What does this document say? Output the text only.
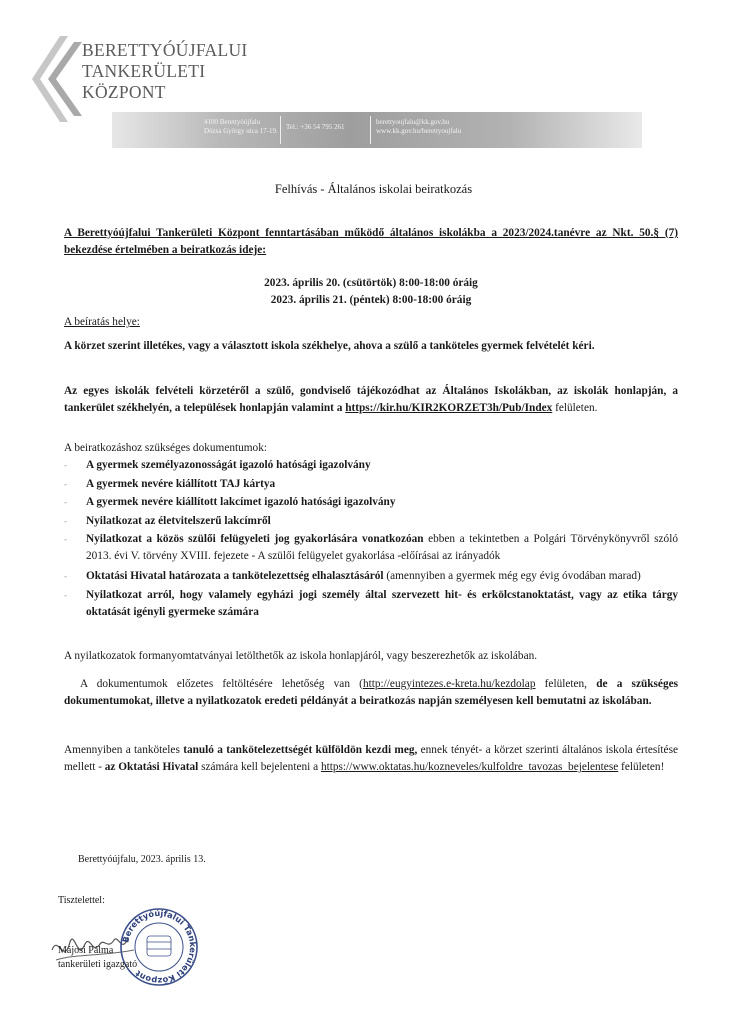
BERETTYÓÚJFALUI
TANKERÜLETI
KÖZPONT
4100 Berettyóújfalu
Dózsa György utca 17-19. Tel.: +36 54 795 261
berettyoujfalu@kk.gov.hu
www.kk.gov.hu/berettyoujfalu
Felhívás - Általános iskolai beiratkozás
A Berettyóújfalui Tankerületi Központ fenntartásában működő általános iskolákba a 2023/2024.tanévre az Nkt. 50.§ (7) bekezdése értelmében a beiratkozás ideje:
2023. április 20. (csütörtök) 8:00-18:00 óráig
2023. április 21. (péntek) 8:00-18:00 óráig
A beíratás helye:
A körzet szerint illetékes, vagy a választott iskola székhelye, ahova a szülő a tanköteles gyermek felvételét kéri.
Az egyes iskolák felvételi körzetéről a szülő, gondviselő tájékozódhat az Általános Iskolákban, az iskolák honlapján, a tankerület székhelyén, a települések honlapján valamint a https://kir.hu/KIR2KORZET3h/Pub/Index felületen.
A beiratkozáshoz szükséges dokumentumok:
-	A gyermek személyazonosságát igazoló hatósági igazolvány
-	A gyermek nevére kiállított TAJ kártya
-	A gyermek nevére kiállított lakcímet igazoló hatósági igazolvány
-	Nyilatkozat az életvitelszerű lakcímről
-	Nyilatkozat a közös szülői felügyeleti jog gyakorlására vonatkozóan ebben a tekintetben a Polgári Törvénykönyvről szóló 2013. évi V. törvény XVIII. fejezete - A szülői felügyelet gyakorlása -előírásai az irányadók
-	Oktatási Hivatal határozata a tankötelezettség elhalasztásáról (amennyiben a gyermek még egy évig óvodában marad)
-	Nyilatkozat arról, hogy valamely egyházi jogi személy által szervezett hit- és erkölcstanoktatást, vagy az etika tárgy oktatását igényli gyermeke számára
A nyilatkozatok formanyomtatványai letölthetők az iskola honlapjáról, vagy beszerezhetők az iskolában.
A dokumentumok előzetes feltöltésére lehetőség van (http://eugyintezes.e-kreta.hu/kezdolap felületen, de a szükséges dokumentumokat, illetve a nyilatkozatok eredeti példányát a beiratkozás napján személyesen kell bemutatni az iskolában.
Amennyiben a tanköteles tanuló a tankötelezettségét külföldön kezdi meg, ennek tényét- a körzet szerinti általános iskola értesítése mellett - az Oktatási Hivatal számára kell bejelenteni a https://www.oktatas.hu/kozneveles/kulfoldre_tavozas_bejelentese felületen!
Berettyóújfalu, 2023. április 13.
Tisztelettel:
Berettyóújfalui Tankerületi Központ
Májosi Pálma
tankerületi igazgató
